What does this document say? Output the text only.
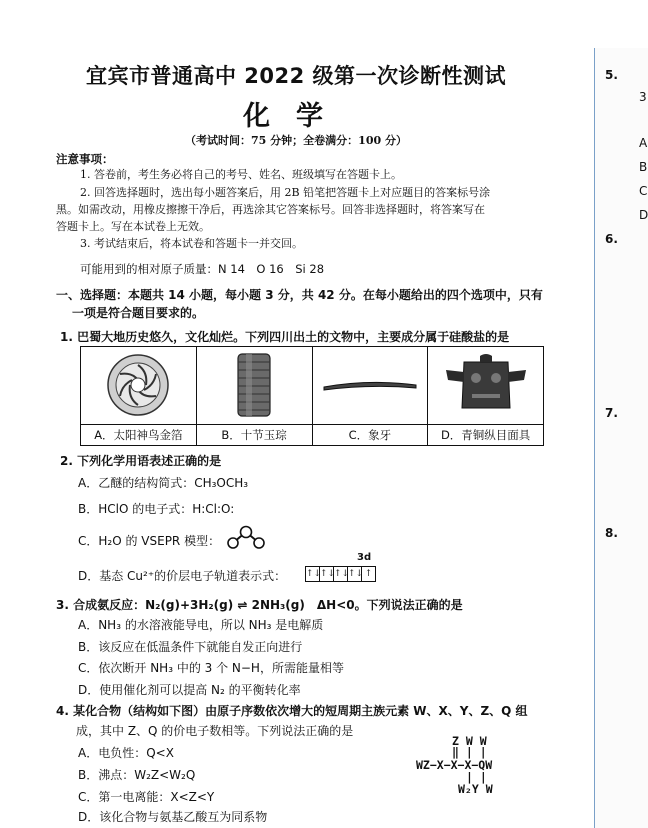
宜宾市普通高中 2022 级第一次诊断性测试
化学
（考试时间：75 分钟；全卷满分：100 分）
注意事项：
1. 答卷前，考生务必将自己的考号、姓名、班级填写在答题卡上。
2. 回答选择题时，选出每小题答案后，用 2B 铅笔把答题卡上对应题目的答案标号涂
黑。如需改动，用橡皮擦擦干净后，再选涂其它答案标号。回答非选择题时，将答案写在
答题卡上。写在本试卷上无效。
3. 考试结束后，将本试卷和答题卡一并交回。
可能用到的相对原子质量：N 14　O 16　Si 28
一、选择题：本题共 14 小题，每小题 3 分，共 42 分。在每小题给出的四个选项中，只有
一项是符合题目要求的。
1. 巴蜀大地历史悠久，文化灿烂。下列四川出土的文物中，主要成分属于硅酸盐的是
A．太阳神鸟金箔	B．十节玉琮	C．象牙	D．青铜纵目面具
2. 下列化学用语表述正确的是
A．乙醚的结构简式：CH₃OCH₃
B．HClO 的电子式：H:Cl:O:
C．H₂O 的 VSEPR 模型：
D．基态 Cu²⁺的价层电子轨道表示式：
3d
↑↓
↑↓
↑↓
↑↓ ↑
3. 合成氨反应：N₂(g)+3H₂(g) ⇌ 2NH₃(g)　ΔH<0。下列说法正确的是
A．NH₃ 的水溶液能导电，所以 NH₃ 是电解质
B．该反应在低温条件下就能自发正向进行
C．依次断开 NH₃ 中的 3 个 N−H，所需能量相等
D．使用催化剂可以提高 N₂ 的平衡转化率
4. 某化合物（结构如下图）由原子序数依次增大的短周期主族元素 W、X、Y、Z、Q 组
成，其中 Z、Q 的价电子数相等。下列说法正确的是
A．电负性：Q<X
B．沸点：W₂Z<W₂Q
C．第一电离能：X<Z<Y
D．该化合物与氨基乙酸互为同系物
Z W W
‖ | |
WZ−X−X−X−QW
| |
W₂Y W
5.
3
A
B
C
D
6.
7.
8.
